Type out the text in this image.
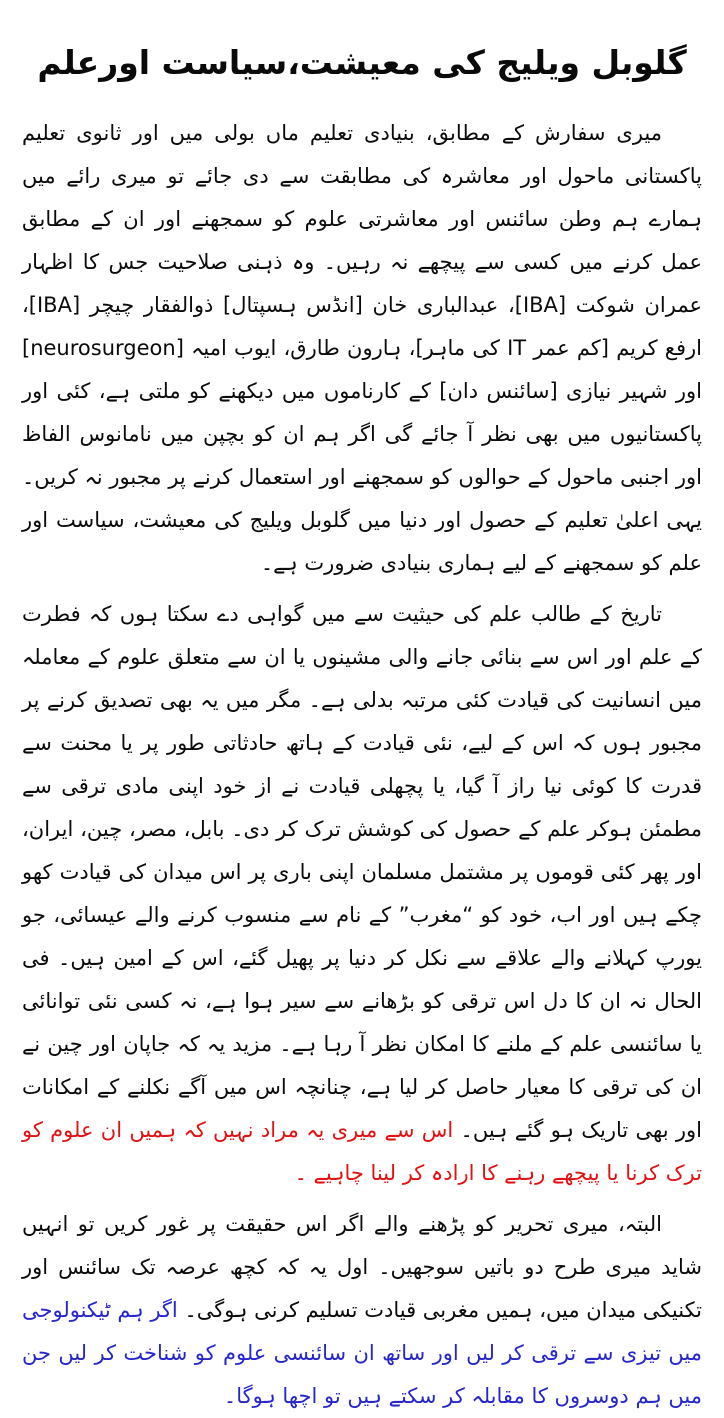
گلوبل ویلیج کی معیشت،سیاست اورعلم

میری سفارش کے مطابق، بنیادی تعلیم ماں بولی میں اور ثانوی تعلیم پاکستانی ماحول اور معاشرہ کی مطابقت سے دی جائے تو میری رائے میں ہمارے ہم وطن سائنس اور معاشرتی علوم کو سمجھنے اور ان کے مطابق عمل کرنے میں کسی سے پیچھے نہ رہیں۔ وہ ذہنی صلاحیت جس کا اظہار عمران شوکت [IBA]، عبدالباری خان [انڈس ہسپتال] ذوالفقار چیچر [IBA]، ارفع کریم [کم عمر IT کی ماہر]، ہارون طارق، ایوب امیہ [neurosurgeon] اور شہیر نیازی [سائنس دان] کے کارناموں میں دیکھنے کو ملتی ہے، کئی اور پاکستانیوں میں بھی نظر آ جائے گی اگر ہم ان کو بچپن میں نامانوس الفاظ اور اجنبی ماحول کے حوالوں کو سمجھنے اور استعمال کرنے پر مجبور نہ کریں۔ یہی اعلیٰ تعلیم کے حصول اور دنیا میں گلوبل ویلیج کی معیشت، سیاست اور علم کو سمجھنے کے لیے ہماری بنیادی ضرورت ہے۔

تاریخ کے طالب علم کی حیثیت سے میں گواہی دے سکتا ہوں کہ فطرت کے علم اور اس سے بنائی جانے والی مشینوں یا ان سے متعلق علوم کے معاملہ میں انسانیت کی قیادت کئی مرتبہ بدلی ہے۔ مگر میں یہ بھی تصدیق کرنے پر مجبور ہوں کہ اس کے لیے، نئی قیادت کے ہاتھ حادثاتی طور پر یا محنت سے قدرت کا کوئی نیا راز آ گیا، یا پچھلی قیادت نے از خود اپنی مادی ترقی سے مطمئن ہوکر علم کے حصول کی کوشش ترک کر دی۔ بابل، مصر، چین، ایران، اور پھر کئی قوموں پر مشتمل مسلمان اپنی باری پر اس میدان کی قیادت کھو چکے ہیں اور اب، خود کو “مغرب” کے نام سے منسوب کرنے والے عیسائی، جو یورپ کہلانے والے علاقے سے نکل کر دنیا پر پھیل گئے، اس کے امین ہیں۔ فی الحال نہ ان کا دل اس ترقی کو بڑھانے سے سیر ہوا ہے، نہ کسی نئی توانائی یا سائنسی علم کے ملنے کا امکان نظر آ رہا ہے۔ مزید یہ کہ جاپان اور چین نے ان کی ترقی کا معیار حاصل کر لیا ہے، چنانچہ اس میں آگے نکلنے کے امکانات اور بھی تاریک ہو گئے ہیں۔ اس سے میری یہ مراد نہیں کہ ہمیں ان علوم کو ترک کرنا یا پیچھے رہنے کا ارادہ کر لینا چاہیے ۔

البتہ، میری تحریر کو پڑھنے والے اگر اس حقیقت پر غور کریں تو انہیں شاید میری طرح دو باتیں سوجھیں۔ اول یہ کہ کچھ عرصہ تک سائنس اور تکنیکی میدان میں، ہمیں مغربی قیادت تسلیم کرنی ہوگی۔ اگر ہم ٹیکنولوجی میں تیزی سے ترقی کر لیں اور ساتھ ان سائنسی علوم کو شناخت کر لیں جن میں ہم دوسروں کا مقابلہ کر سکتے ہیں تو اچھا ہوگا۔
